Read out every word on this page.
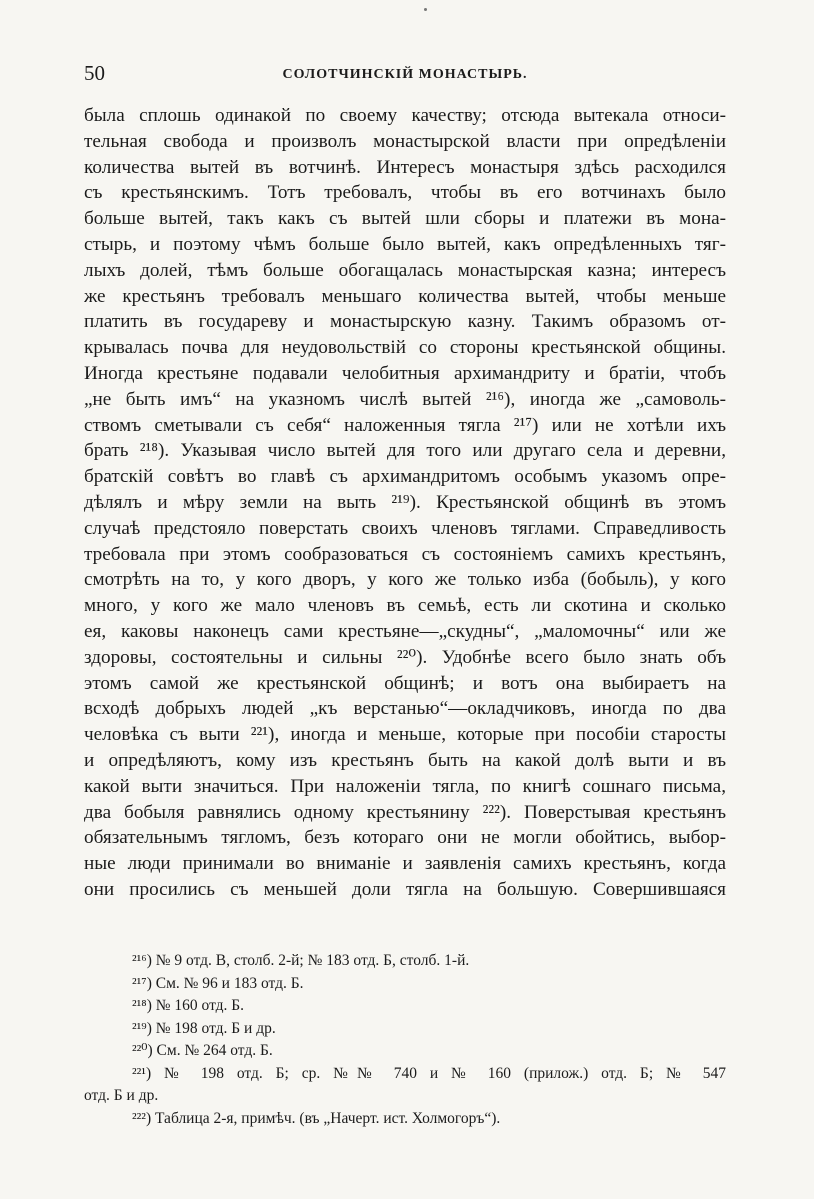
50	СОЛОТЧИНСКІЙ МОНАСТЫРЬ.
была сплошь одинакой по своему качеству; отсюда вытекала относи-
тельная свобода и произволъ монастырской власти при опредѣленіи
количества вытей въ вотчинѣ. Интересъ монастыря здѣсь расходился
съ крестьянскимъ. Тотъ требовалъ, чтобы въ его вотчинахъ было
больше вытей, такъ какъ съ вытей шли сборы и платежи въ мона-
стырь, и поэтому чѣмъ больше было вытей, какъ опредѣленныхъ тяг-
лыхъ долей, тѣмъ больше обогащалась монастырская казна; интересъ
же крестьянъ требовалъ меньшаго количества вытей, чтобы меньше
платить въ государеву и монастырскую казну. Такимъ образомъ от-
крывалась почва для неудовольствій со стороны крестьянской общины.
Иногда крестьяне подавали челобитныя архимандриту и братіи, чтобъ
„не быть имъ“ на указномъ числѣ вытей ²¹⁶), иногда же „самоволь-
ствомъ сметывали съ себя“ наложенныя тягла ²¹⁷) или не хотѣли ихъ
брать ²¹⁸). Указывая число вытей для того или другаго села и деревни,
братскій совѣтъ во главѣ съ архимандритомъ особымъ указомъ опре-
дѣлялъ и мѣру земли на выть ²¹⁹). Крестьянской общинѣ въ этомъ
случаѣ предстояло поверстать своихъ членовъ тяглами. Справедливость
требовала при этомъ сообразоваться съ состояніемъ самихъ крестьянъ,
смотрѣть на то, у кого дворъ, у кого же только изба (бобыль), у кого
много, у кого же мало членовъ въ семьѣ, есть ли скотина и сколько
ея, каковы наконецъ сами крестьяне—„скудны“, „маломочны“ или же
здоровы, состоятельны и сильны ²²⁰). Удобнѣе всего было знать объ
этомъ самой же крестьянской общинѣ; и вотъ она выбираетъ на
всходѣ добрыхъ людей „къ верстанью“—окладчиковъ, иногда по два
человѣка съ выти ²²¹), иногда и меньше, которые при пособіи старосты
и опредѣляютъ, кому изъ крестьянъ быть на какой долѣ выти и въ
какой выти значиться. При наложеніи тягла, по книгѣ сошнаго письма,
два бобыля равнялись одному крестьянину ²²²). Поверстывая крестьянъ
обязательнымъ тягломъ, безъ котораго они не могли обойтись, выбор-
ные люди принимали во вниманіе и заявленія самихъ крестьянъ, когда
они просились съ меньшей доли тягла на большую. Совершившаяся
²¹⁶) № 9 отд. В, столб. 2-й; № 183 отд. Б, столб. 1-й.
²¹⁷) См. № 96 и 183 отд. Б.
²¹⁸) № 160 отд. Б.
²¹⁹) № 198 отд. Б и др.
²²⁰) См. № 264 отд. Б.
²²¹) № 198 отд. Б; ср. №№ 740 и № 160 (прилож.) отд. Б; № 547
отд. Б и др.
²²²) Таблица 2-я, примѣч. (въ „Начерт. ист. Холмогоръ“).
